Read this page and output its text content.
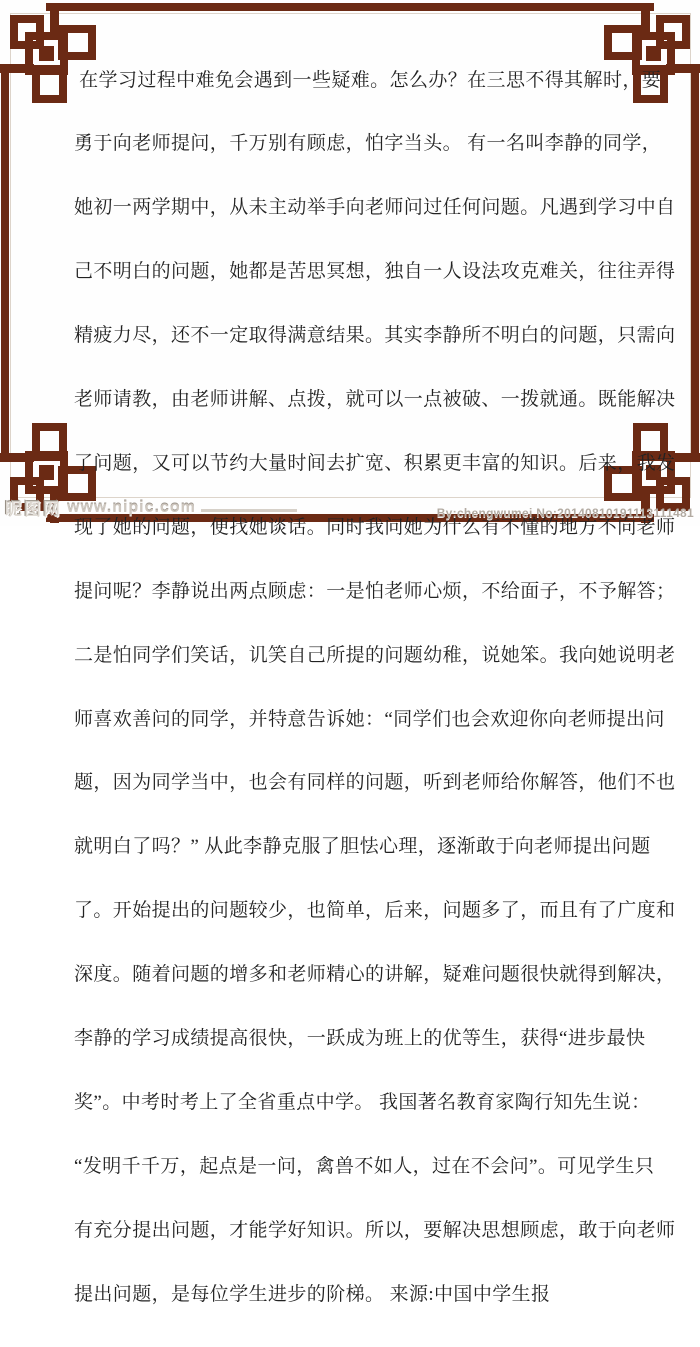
在学习过程中难免会遇到一些疑难。怎么办？在三思不得其解时，要

勇于向老师提问，千万别有顾虑，怕字当头。 有一名叫李静的同学，

她初一两学期中，从未主动举手向老师问过任何问题。凡遇到学习中自

己不明白的问题，她都是苦思冥想，独自一人设法攻克难关，往往弄得

精疲力尽，还不一定取得满意结果。其实李静所不明白的问题，只需向

老师请教，由老师讲解、点拨，就可以一点被破、一拨就通。既能解决

了问题，又可以节约大量时间去扩宽、积累更丰富的知识。后来，我发

现了她的问题，便找她谈话。同时我问她为什么有不懂的地方不向老师

提问呢？李静说出两点顾虑：一是怕老师心烦，不给面子，不予解答；

二是怕同学们笑话，讥笑自己所提的问题幼稚，说她笨。我向她说明老

师喜欢善问的同学，并特意告诉她：“同学们也会欢迎你向老师提出问

题，因为同学当中，也会有同样的问题，听到老师给你解答，他们不也

就明白了吗？” 从此李静克服了胆怯心理，逐渐敢于向老师提出问题

了。开始提出的问题较少，也简单，后来，问题多了，而且有了广度和

深度。随着问题的增多和老师精心的讲解，疑难问题很快就得到解决，

李静的学习成绩提高很快，一跃成为班上的优等生，获得“进步最快

奖”。中考时考上了全省重点中学。 我国著名教育家陶行知先生说：

“发明千千万，起点是一问，禽兽不如人，过在不会问”。可见学生只

有充分提出问题，才能学好知识。所以，要解决思想顾虑，敢于向老师

提出问题，是每位学生进步的阶梯。 来源:中国中学生报

昵图网 www.nipic.com	By:chengwumei No:20140810191113111481
